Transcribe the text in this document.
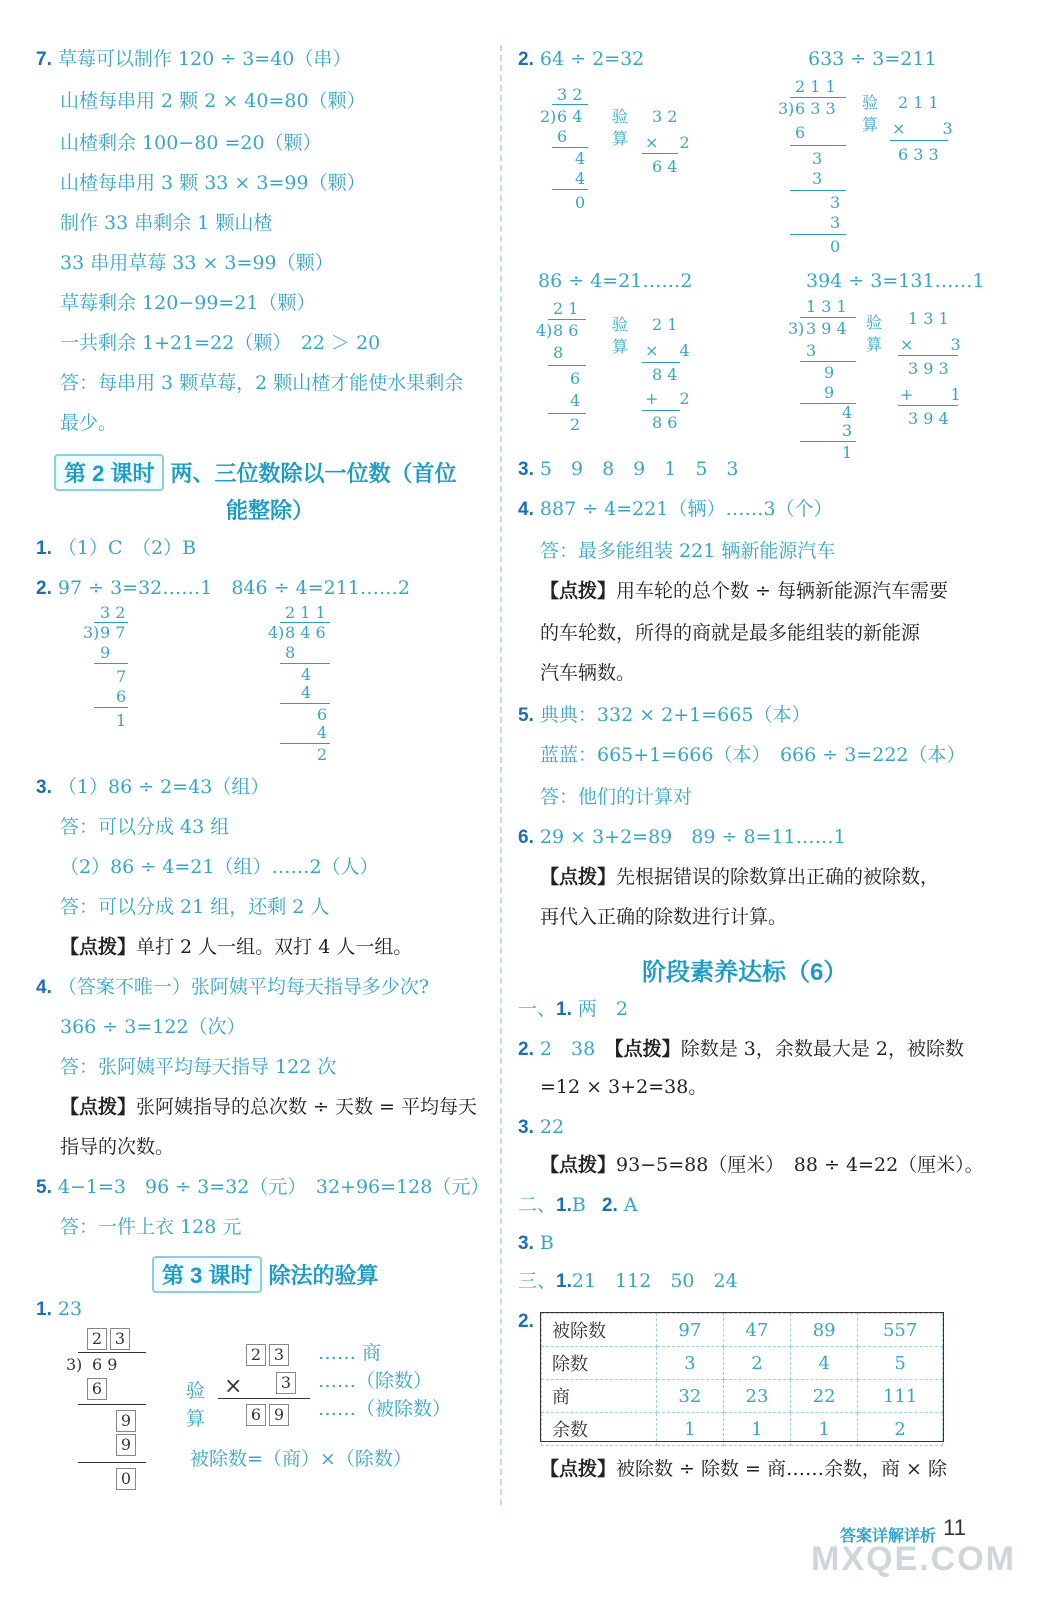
7. 草莓可以制作 120 ÷ 3=40（串）
山楂每串用 2 颗 2 × 40=80（颗）
山楂剩余 100−80 =20（颗）
山楂每串用 3 颗 33 × 3=99（颗）
制作 33 串剩余 1 颗山楂
33 串用草莓 33 × 3=99（颗）
草莓剩余 120−99=21（颗）
一共剩余 1+21=22（颗）　22 ＞ 20
答：每串用 3 颗草莓，2 颗山楂才能使水果剩余
最少。
第 2 课时 两、三位数除以一位数（首位
能整除）
1. （1）C　（2）B
2. 97 ÷ 3=32……1　846 ÷ 4=211……2
3 2
3 ) 9 7
9
7
6
1
2 1 1
4 ) 8 4 6
8
4
4
6
4
2
3. （1）86 ÷ 2=43（组）
答：可以分成 43 组
（2）86 ÷ 4=21（组）……2（人）
答：可以分成 21 组，还剩 2 人
【点拨】单打 2 人一组。双打 4 人一组。
4. （答案不唯一）张阿姨平均每天指导多少次?
366 ÷ 3=122（次）
答：张阿姨平均每天指导 122 次
【点拨】张阿姨指导的总次数 ÷ 天数 = 平均每天
指导的次数。
5. 4−1=3　96 ÷ 3=32（元）　32+96=128（元）
答：一件上衣 128 元
第 3 课时 除法的验算
1. 23
2 3
3 ) 6 9
6
9
9
0
验
算
2 3	…… 商
×	3	……（除数）
6 9	……（被除数）
被除数=（商）×（除数）
2. 64 ÷ 2=32	633 ÷ 3=211
3 2
2 ) 6 4
6
4
4
0
验
算
3 2
× 　2
6 4
2 1 1
3 ) 6 3 3
6
3
3
3
3
0
验
算
2 1 1
× 　　3
6 3 3
86 ÷ 4=21……2	394 ÷ 3=131……1
2 1
4 ) 8 6
8
6
4
2
验
算
2 1
× 　4
8 4
+ 　2
8 6
1 3 1
3 ) 3 9 4
3
9
9
4
3
1
验
算
1 3 1
× 　　3
3 9 3
+ 　　1
3 9 4
3. 5　9　8　9　1　5　3
4. 887 ÷ 4=221（辆）……3（个）
答：最多能组装 221 辆新能源汽车
【点拨】用车轮的总个数 ÷ 每辆新能源汽车需要
的车轮数，所得的商就是最多能组装的新能源
汽车辆数。
5. 典典：332 × 2+1=665（本）
蓝蓝：665+1=666（本）　666 ÷ 3=222（本）
答：他们的计算对
6. 29 × 3+2=89　89 ÷ 8=11……1
【点拨】先根据错误的除数算出正确的被除数，
再代入正确的除数进行计算。
阶段素养达标（6）
一、1. 两　2
2. 2　38　【点拨】除数是 3，余数最大是 2，被除数
=12 × 3+2=38。
3. 22
【点拨】93−5=88（厘米）　88 ÷ 4=22（厘米）。
二、1.B 2. A
3. B
三、1.21　112　50　24
2. 被除数	97	47	89	557
除数	3	2	4	5
商	32	23	22	111
余数	1	1	1	2
【点拨】被除数 ÷ 除数 = 商……余数，商 × 除
答案详解详析 11
MXQE.COM
